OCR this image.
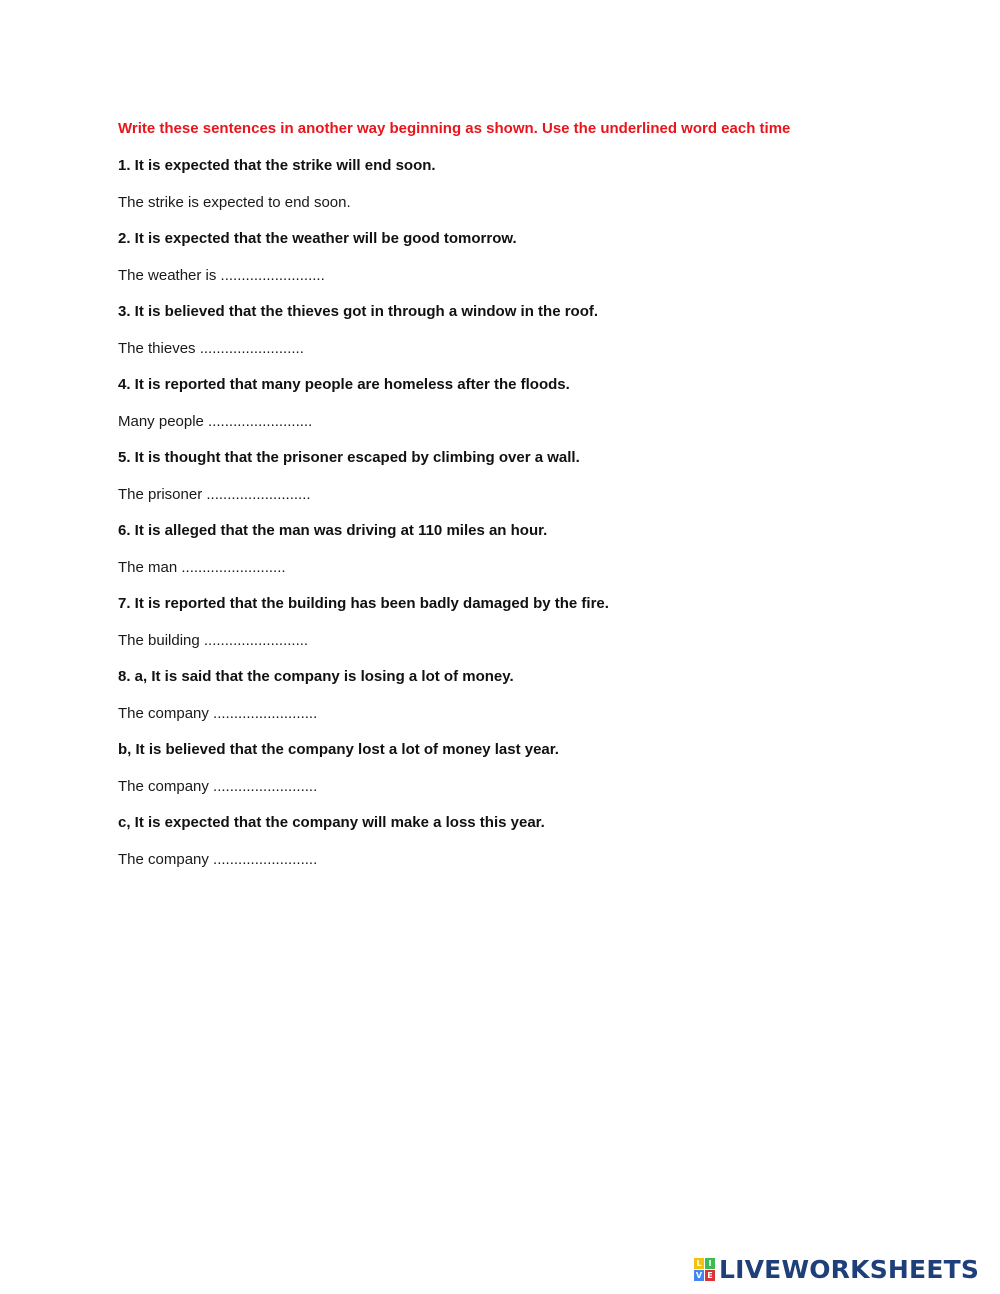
Write these sentences in another way beginning as shown. Use the underlined word each time

1. It is expected that the strike will end soon.

The strike is expected to end soon.

2. It is expected that the weather will be good tomorrow.

The weather is .........................

3. It is believed that the thieves got in through a window in the roof.

The thieves .........................

4. It is reported that many people are homeless after the floods.

Many people .........................

5. It is thought that the prisoner escaped by climbing over a wall.

The prisoner .........................

6. It is alleged that the man was driving at 110 miles an hour.

The man .........................

7. It is reported that the building has been badly damaged by the fire.

The building .........................

8. a, It is said that the company is losing a lot of money.

The company .........................

b, It is believed that the company lost a lot of money last year.

The company .........................

c, It is expected that the company will make a loss this year.

The company .........................

L I
V E LIVEWORKSHEETS
